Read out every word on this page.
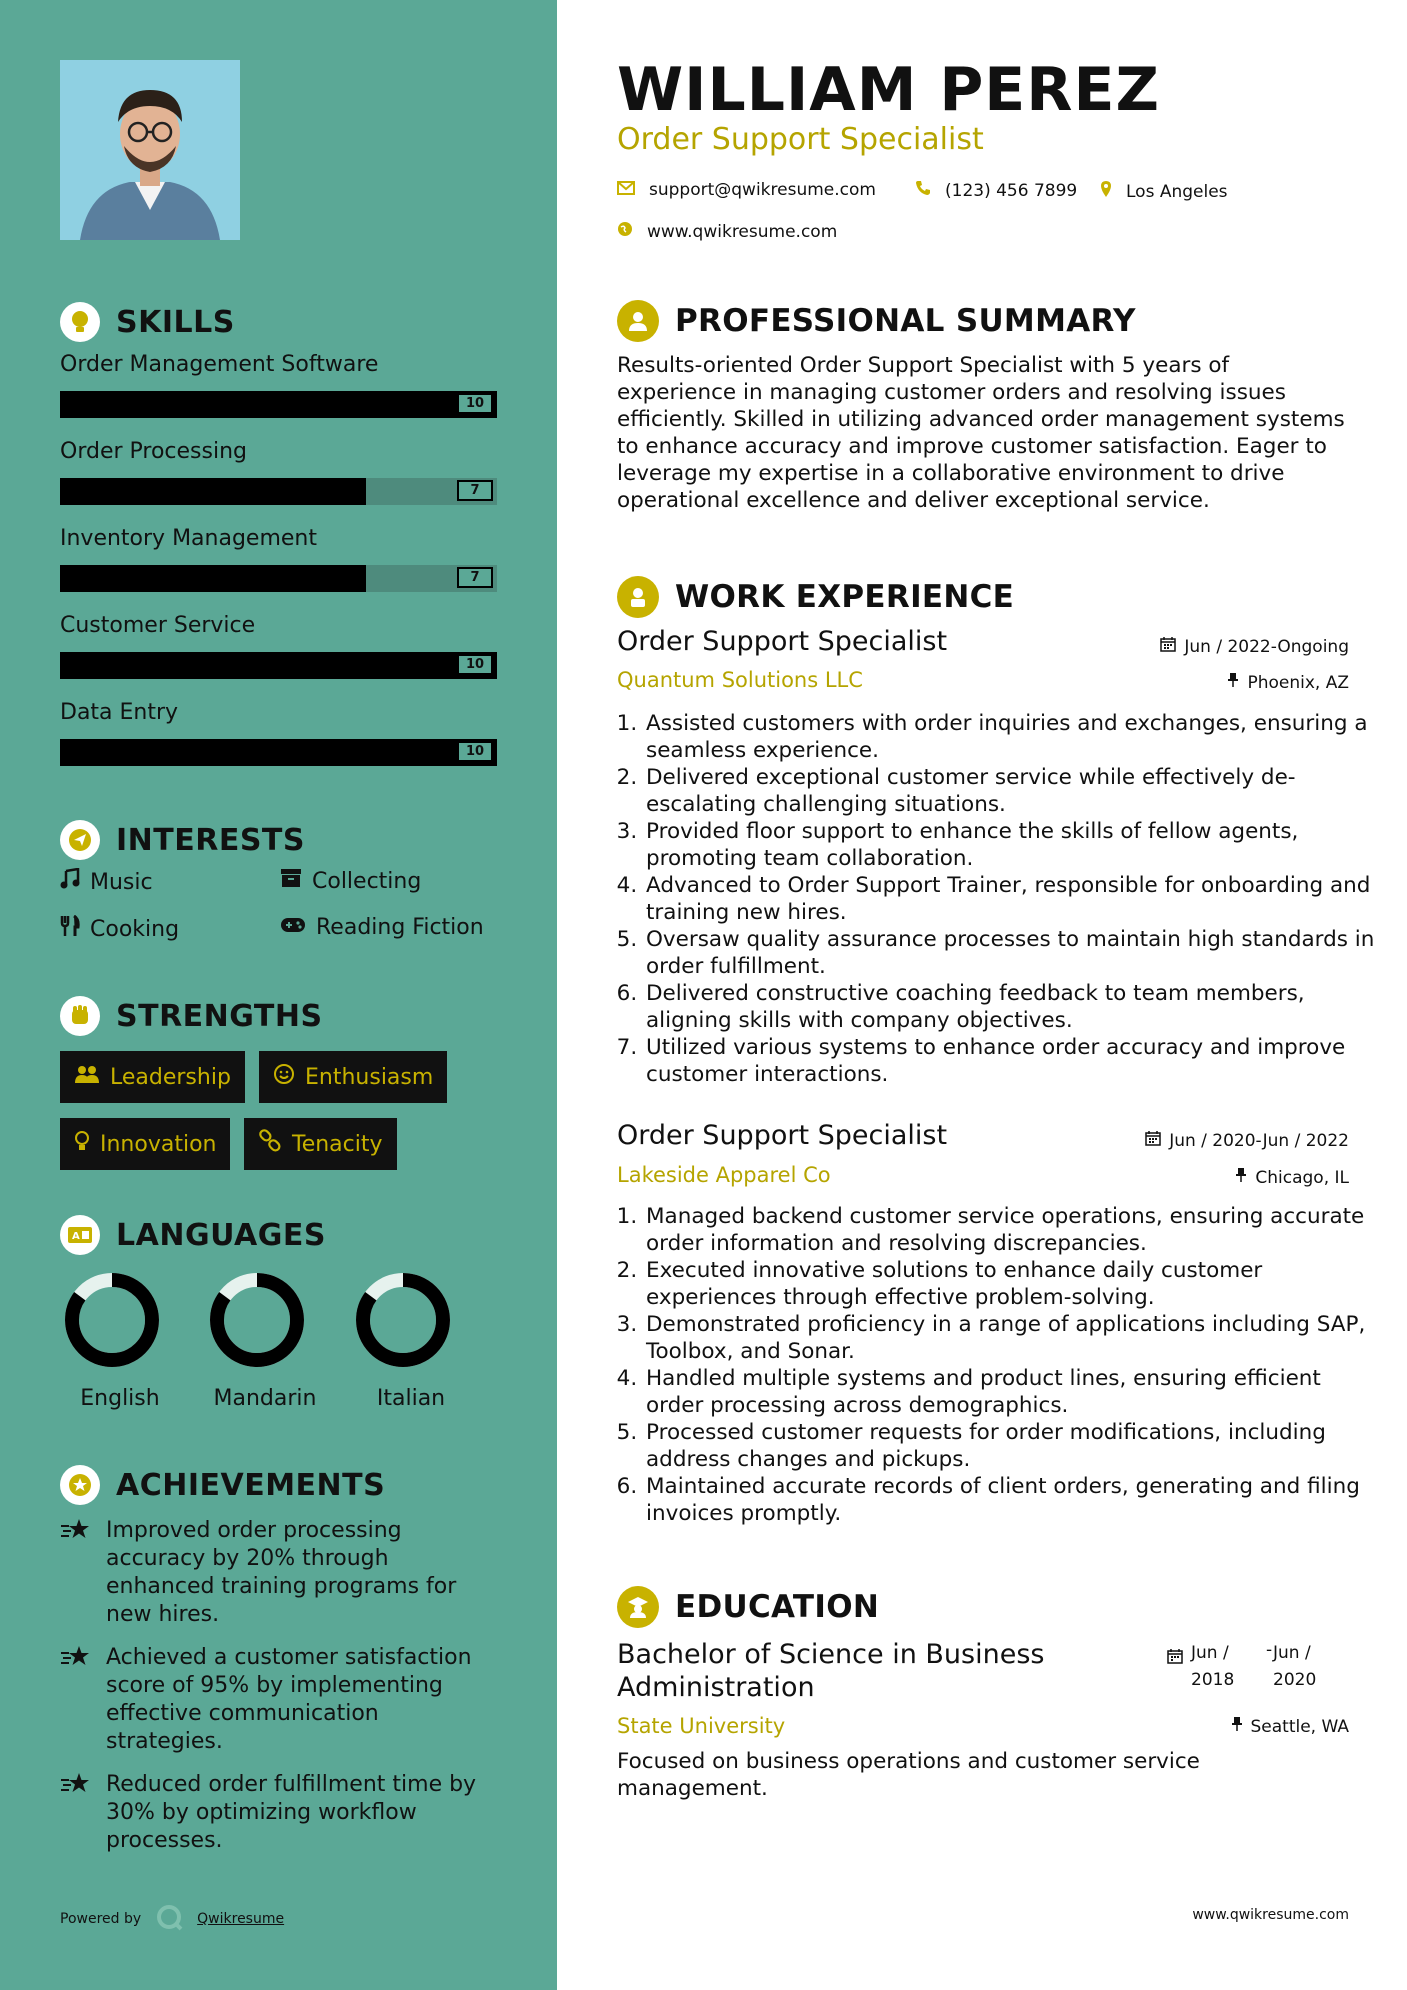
SKILLS
Order Management Software
10
Order Processing
7
Inventory Management
7
Customer Service
10
Data Entry
10
INTERESTS
Music	Collecting
Cooking	Reading Fiction
STRENGTHS
Leadership	Enthusiasm
Innovation	Tenacity
A LANGUAGES
English	Mandarin	Italian
ACHIEVEMENTS
Improved order processing accuracy by 20% through enhanced training programs for new hires.
Achieved a customer satisfaction score of 95% by implementing effective communication strategies.
Reduced order fulfillment time by 30% by optimizing workflow processes.
Powered by	Qwikresume
WILLIAM PEREZ
Order Support Specialist
support@qwikresume.com	(123) 456 7899	Los Angeles
www.qwikresume.com
PROFESSIONAL SUMMARY
Results-oriented Order Support Specialist with 5 years of experience in managing customer orders and resolving issues efficiently. Skilled in utilizing advanced order management systems to enhance accuracy and improve customer satisfaction. Eager to leverage my expertise in a collaborative environment to drive operational excellence and deliver exceptional service.
WORK EXPERIENCE
Order Support Specialist	Jun / 2022-Ongoing
Quantum Solutions LLC	Phoenix, AZ
1. Assisted customers with order inquiries and exchanges, ensuring a seamless experience.
2. Delivered exceptional customer service while effectively de-escalating challenging situations.
3. Provided floor support to enhance the skills of fellow agents, promoting team collaboration.
4. Advanced to Order Support Trainer, responsible for onboarding and training new hires.
5. Oversaw quality assurance processes to maintain high standards in order fulfillment.
6. Delivered constructive coaching feedback to team members, aligning skills with company objectives.
7. Utilized various systems to enhance order accuracy and improve customer interactions.
Order Support Specialist	Jun / 2020-Jun / 2022
Lakeside Apparel Co	Chicago, IL
1. Managed backend customer service operations, ensuring accurate order information and resolving discrepancies.
2. Executed innovative solutions to enhance daily customer experiences through effective problem-solving.
3. Demonstrated proficiency in a range of applications including SAP, Toolbox, and Sonar.
4. Handled multiple systems and product lines, ensuring efficient order processing across demographics.
5. Processed customer requests for order modifications, including address changes and pickups.
6. Maintained accurate records of client orders, generating and filing invoices promptly.
EDUCATION
Bachelor of Science in Business Administration
Jun / 2018
- Jun / 2020
State University	Seattle, WA
Focused on business operations and customer service management.
www.qwikresume.com
